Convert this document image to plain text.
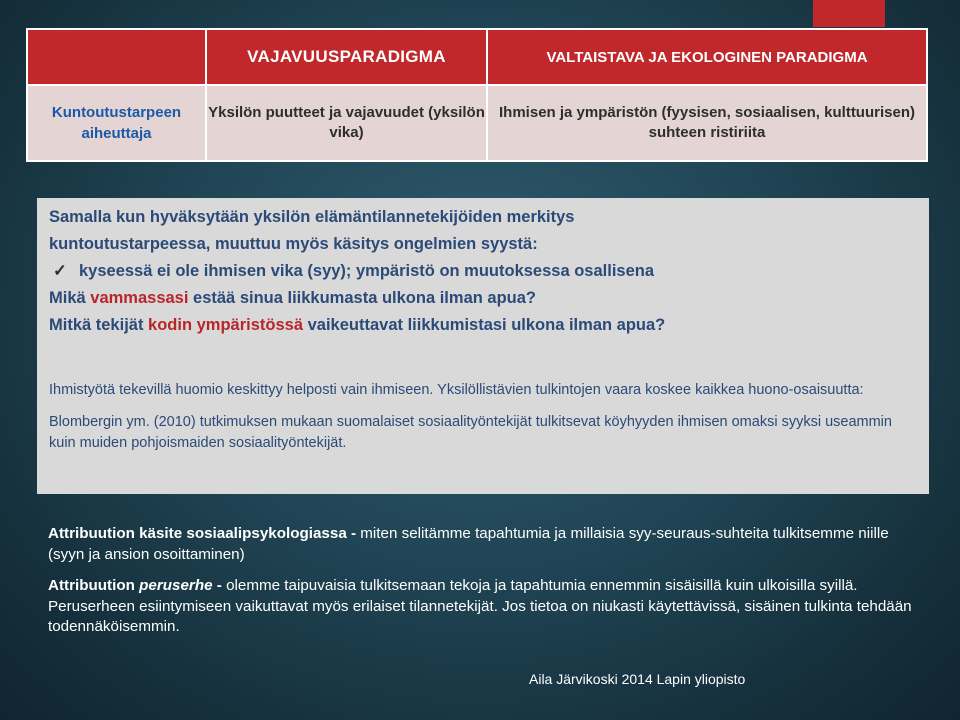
	VAJAVUUSPARADIGMA	VALTAISTAVA JA EKOLOGINEN PARADIGMA
Kuntoutustarpeen aiheuttaja	Yksilön puutteet ja vajavuudet (yksilön vika)	Ihmisen ja ympäristön (fyysisen, sosiaalisen, kulttuurisen) suhteen ristiriita

Samalla kun hyväksytään yksilön elämäntilannetekijöiden merkitys

kuntoutustarpeessa, muuttuu myös käsitys ongelmien syystä:

✓ kyseessä ei ole ihmisen vika (syy); ympäristö on muutoksessa osallisena

Mikä vammassasi estää sinua liikkumasta ulkona ilman apua?

Mitkä tekijät kodin ympäristössä vaikeuttavat liikkumistasi ulkona ilman apua?

Ihmistyötä tekevillä huomio keskittyy helposti vain ihmiseen. Yksilöllistävien tulkintojen vaara koskee kaikkea huono-osaisuutta:

Blombergin ym. (2010) tutkimuksen mukaan suomalaiset sosiaalityöntekijät tulkitsevat köyhyyden ihmisen omaksi syyksi useammin kuin muiden pohjoismaiden sosiaalityöntekijät.

Attribuution käsite sosiaalipsykologiassa - miten selitämme tapahtumia ja millaisia syy-seuraus-suhteita tulkitsemme niille (syyn ja ansion osoittaminen)

Attribuution peruserhe - olemme taipuvaisia tulkitsemaan tekoja ja tapahtumia ennemmin sisäisillä kuin ulkoisilla syillä. Peruserheen esiintymiseen vaikuttavat myös erilaiset tilannetekijät. Jos tietoa on niukasti käytettävissä, sisäinen tulkinta tehdään todennäköisemmin.

Aila Järvikoski 2014 Lapin yliopisto
